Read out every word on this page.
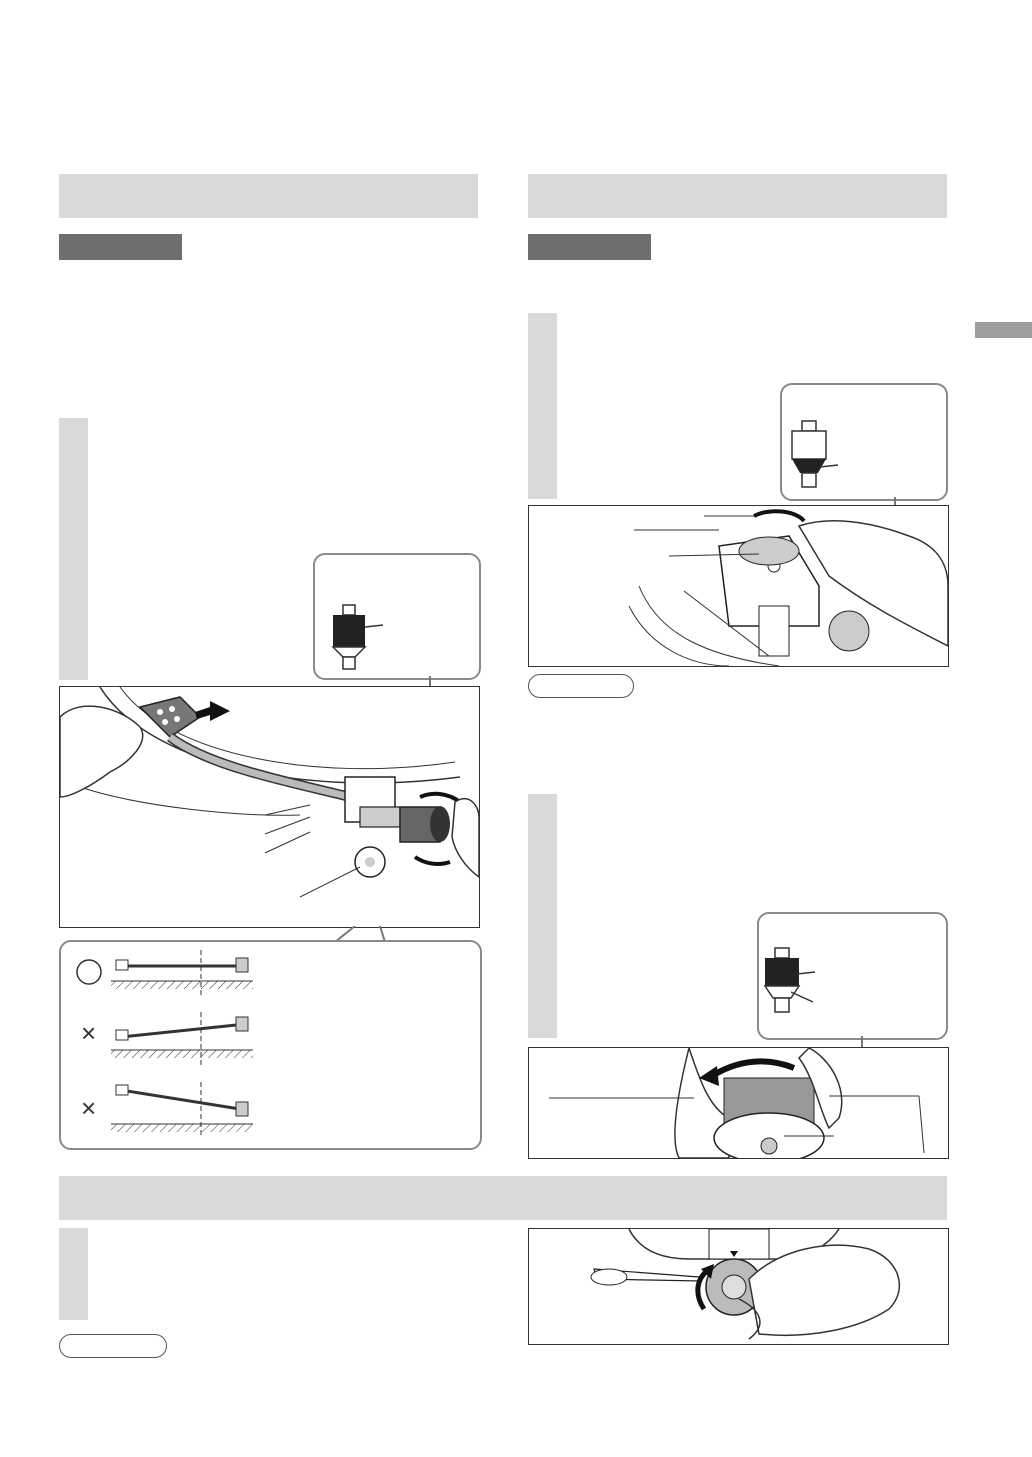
×
×
